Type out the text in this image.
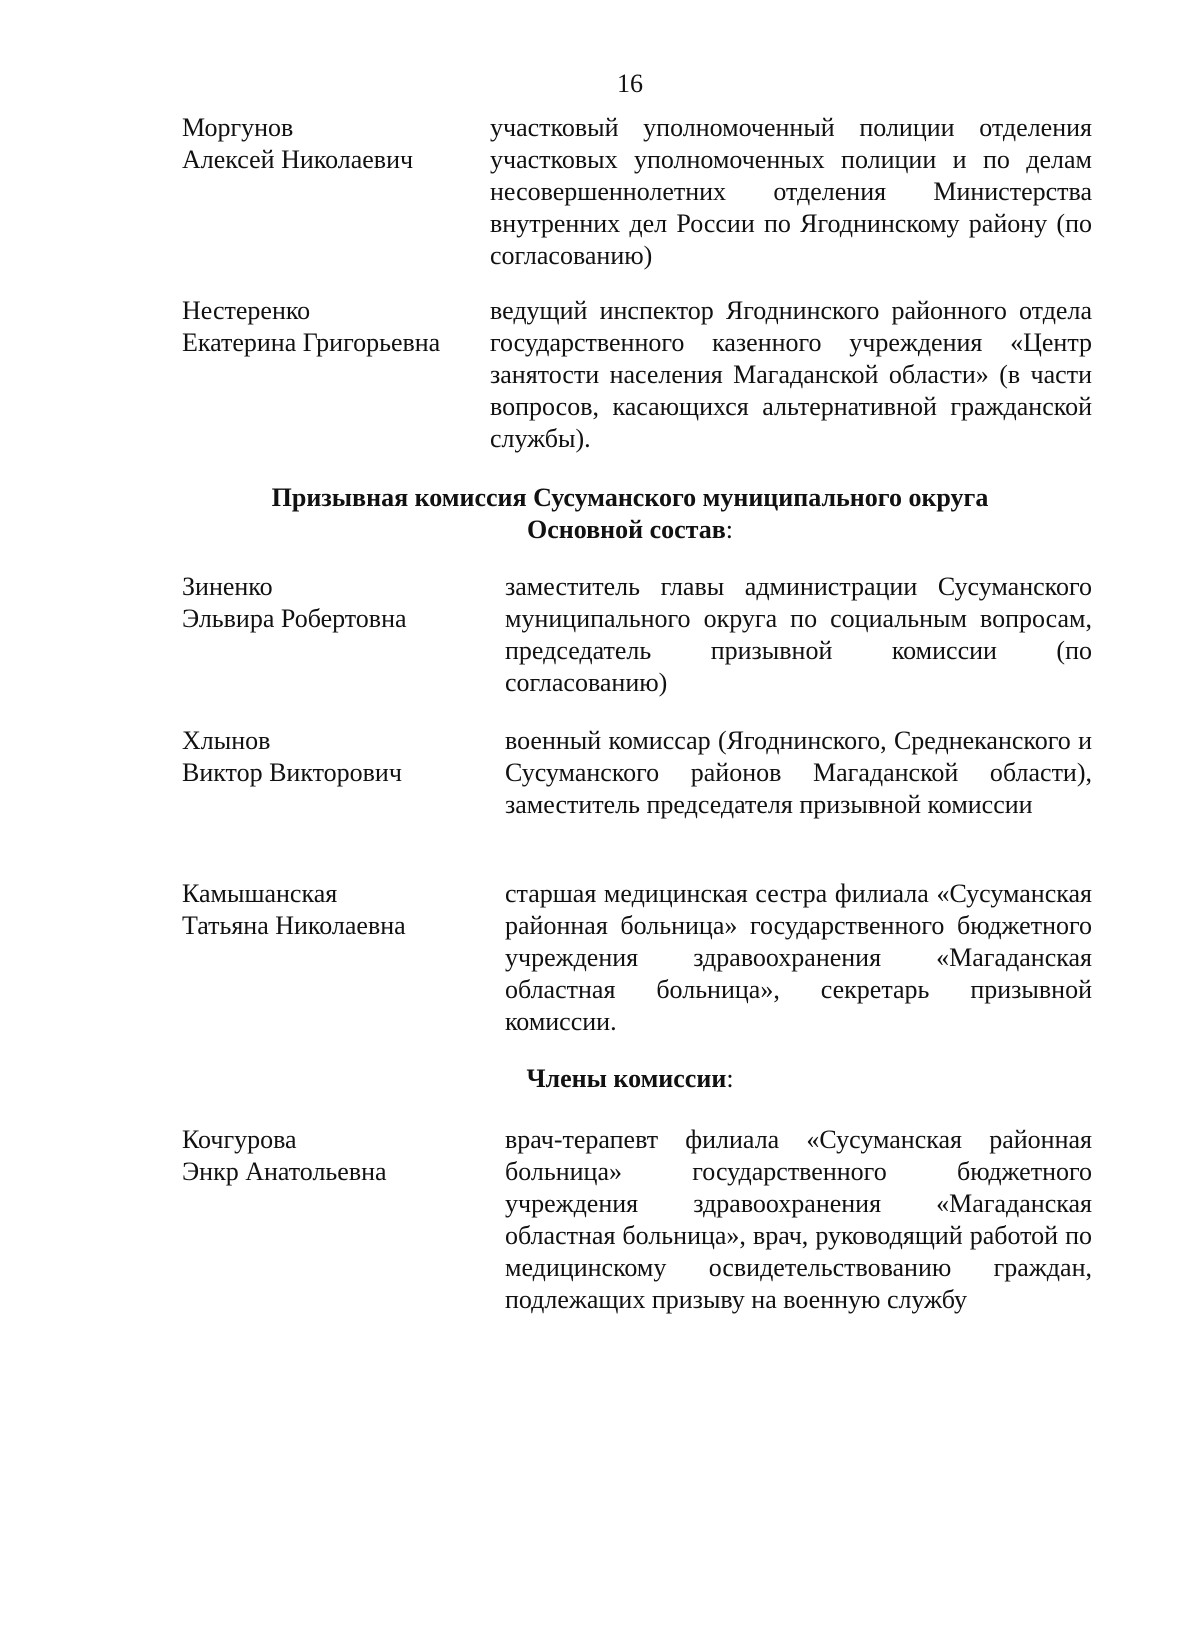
16
Моргунов
Алексей Николаевич
участковый уполномоченный полиции отделения участковых уполномоченных полиции и по делам несовершеннолетних отделения Министерства внутренних дел России по Ягоднинскому району (по согласованию)
Нестеренко
Екатерина Григорьевна
ведущий инспектор Ягоднинского районного отдела государственного казенного учреждения «Центр занятости населения Магаданской области» (в части вопросов, касающихся альтернативной гражданской службы).
Призывная комиссия Сусуманского муниципального округа
Основной состав:
Зиненко
Эльвира Робертовна
заместитель главы администрации Сусуманского муниципального округа по социальным вопросам, председатель призывной комиссии (по согласованию)
Хлынов
Виктор Викторович
военный комиссар (Ягоднинского, Среднеканского и Сусуманского районов Магаданской области), заместитель председателя призывной комиссии
Камышанская
Татьяна Николаевна
старшая медицинская сестра филиала «Сусуманская районная больница» государственного бюджетного учреждения здравоохранения «Магаданская областная больница», секретарь призывной комиссии.
Члены комиссии:
Кочгурова
Энкр Анатольевна
врач-терапевт филиала «Сусуманская районная больница» государственного бюджетного учреждения здравоохранения «Магаданская областная больница», врач, руководящий работой по медицинскому освидетельствованию граждан, подлежащих призыву на военную службу
